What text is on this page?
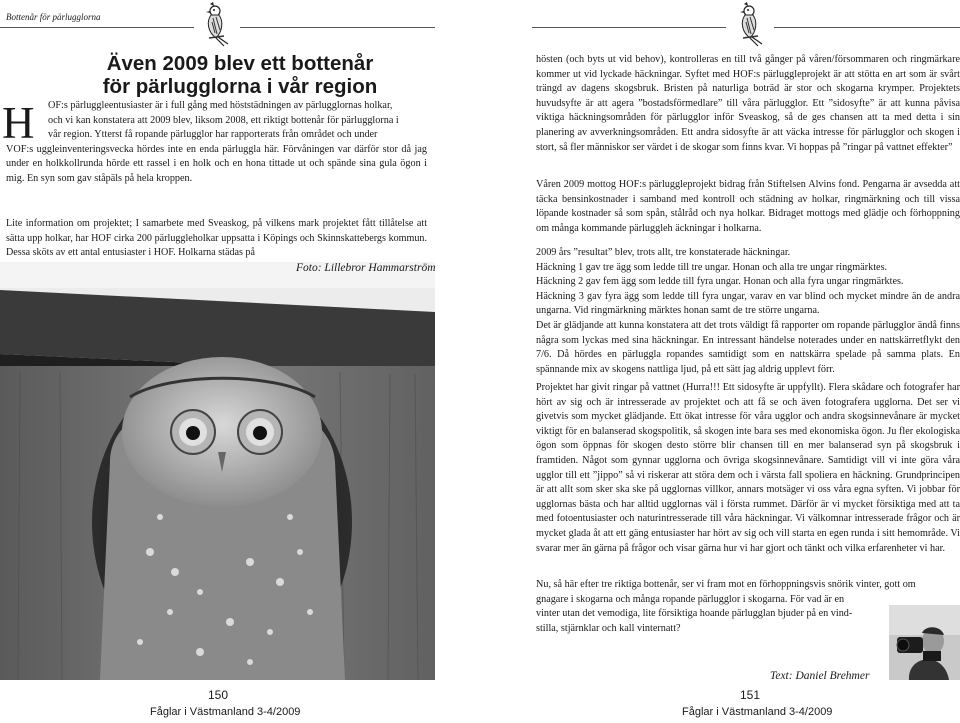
Bottenår för pärlugglorna
Även 2009 blev ett bottenår
för pärlugglorna i vår region
H	OF:s pärluggleentusiaster är i full gång med höststädningen av pärlugglornas holkar,
och vi kan konstatera att 2009 blev, liksom 2008, ett riktigt bottenår för pärlugglorna i
vår region. Ytterst få ropande pärlugglor har rapporterats från området och under
VOF:s uggleinventeringsvecka hördes inte en enda pärluggla här. Förvåningen var därför stor då jag under en holkkollrunda hörde ett rassel i en holk och en hona tittade ut och spände sina gula ögon i mig. En syn som gav ståpäls på hela kroppen.
Lite information om projektet; I samarbete med Sveaskog, på vilkens mark projektet fått tillåtelse att sätta upp holkar, har HOF cirka 200 pärluggleholkar uppsatta i Köpings och Skinnskattebergs kommun. Dessa sköts av ett antal entusiaster i HOF. Holkarna städas på
Foto: Lillebror Hammarström
150
Fåglar i Västmanland 3-4/2009
hösten (och byts ut vid behov), kontrolleras en till två gånger på våren/försommaren och ringmärkare kommer ut vid lyckade häckningar. Syftet med HOF:s pärluggleprojekt är att stötta en art som är svårt trängd av dagens skogsbruk. Bristen på naturliga boträd är stor och skogarna krymper. Projektets huvudsyfte är att agera ”bostadsförmedlare” till våra pärlugglor. Ett ”sidosyfte” är att kunna påvisa viktiga häckningsområden för pärlugglor inför Sveaskog, så de ges chansen att ta med detta i sin planering av avverkningsområden. Ett andra sidosyfte är att väcka intresse för pärlugglor och skogen i stort, så fler människor ser värdet i de skogar som finns kvar. Vi hoppas på ”ringar på vattnet effekter”
Våren 2009 mottog HOF:s pärluggleprojekt bidrag från Stiftelsen Alvins fond. Pengarna är avsedda att täcka bensinkostnader i samband med kontroll och städning av holkar, ringmärkning och till vissa löpande kostnader så som spån, stålråd och nya holkar. Bidraget mottogs med glädje och förhoppning om många kommande pärluggleh äckningar i holkarna.
2009 års ”resultat” blev, trots allt, tre konstaterade häckningar.
Häckning 1 gav tre ägg som ledde till tre ungar. Honan och alla tre ungar ringmärktes.
Häckning 2 gav fem ägg som ledde till fyra ungar. Honan och alla fyra ungar ringmärktes.
Häckning 3 gav fyra ägg som ledde till fyra ungar, varav en var blind och mycket mindre än de andra ungarna. Vid ringmärkning märktes honan samt de tre större ungarna.
Det är glädjande att kunna konstatera att det trots väldigt få rapporter om ropande pärlugglor ändå finns några som lyckas med sina häckningar. En intressant händelse noterades under en nattskärretflykt den 7/6. Då hördes en pärluggla ropandes samtidigt som en nattskärra spelade på samma plats. En spännande mix av skogens nattliga ljud, på ett sätt jag aldrig upplevt förr.
Projektet har givit ringar på vattnet (Hurra!!! Ett sidosyfte är uppfyllt). Flera skådare och fotografer har hört av sig och är intresserade av projektet och att få se och även fotografera ugglorna. Det ser vi givetvis som mycket glädjande. Ett ökat intresse för våra ugglor och andra skogsinnevånare är mycket viktigt för en balanserad skogspolitik, så skogen inte bara ses med ekonomiska ögon. Ju fler ekologiska ögon som öppnas för skogen desto större blir chansen till en mer balanserad syn på skogsbruk i framtiden. Något som gynnar ugglorna och övriga skogsinnevånare. Samtidigt vill vi inte göra våra ugglor till ett ”jippo” så vi riskerar att störa dem och i värsta fall spoliera en häckning. Grundprincipen är att allt som sker ska ske på ugglornas villkor, annars motsäger vi oss våra egna syften. Vi jobbar för ugglornas bästa och har alltid ugglornas väl i första rummet. Därför är vi mycket försiktiga med att ta med fotoentusiaster och naturintresserade till våra häckningar. Vi välkomnar intresserade frågor och är mycket glada åt att ett gäng entusiaster har hört av sig och vill starta en egen runda i sitt hemområde. Vi svarar mer än gärna på frågor och visar gärna hur vi har gjort och tänkt och vilka erfarenheter vi har.
Nu, så här efter tre riktiga bottenår, ser vi fram mot en förhoppningsvis snörik vinter, gott om
gnagare i skogarna och många ropande pärlugglor i skogarna. För vad är en
vinter utan det vemodiga, lite försiktiga hoande pärlugglan bjuder på en vind-
stilla, stjärnklar och kall vinternatt?
Text: Daniel Brehmer
151
Fåglar i Västmanland 3-4/2009
